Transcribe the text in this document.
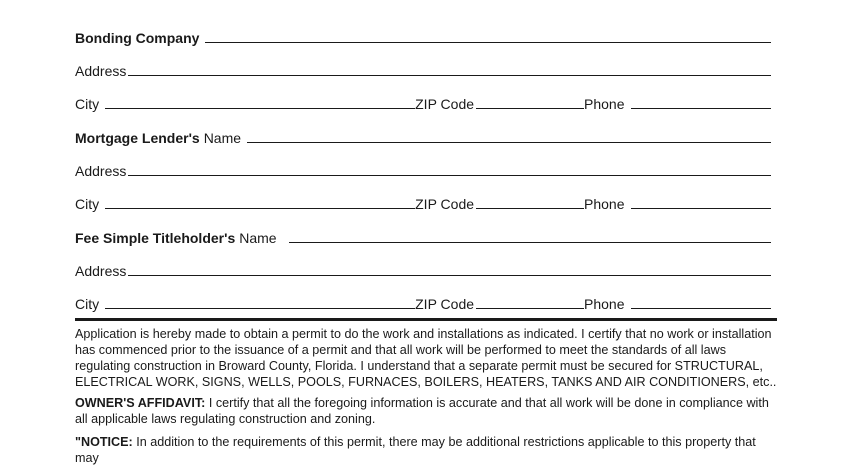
Bonding Company
Address
City	ZIP Code	Phone
Mortgage Lender's Name
Address
City	ZIP Code	Phone
Fee Simple Titleholder's Name
Address
City	ZIP Code	Phone

Application is hereby made to obtain a permit to do the work and installations as indicated. I certify that no work or installation has commenced prior to the issuance of a permit and that all work will be performed to meet the standards of all laws regulating construction in Broward County, Florida. I understand that a separate permit must be secured for STRUCTURAL, ELECTRICAL WORK, SIGNS, WELLS, POOLS, FURNACES, BOILERS, HEATERS, TANKS AND AIR CONDITIONERS, etc..

OWNER'S AFFIDAVIT: I certify that all the foregoing information is accurate and that all work will be done in compliance with all applicable laws regulating construction and zoning.

"NOTICE: In addition to the requirements of this permit, there may be additional restrictions applicable to this property that may
